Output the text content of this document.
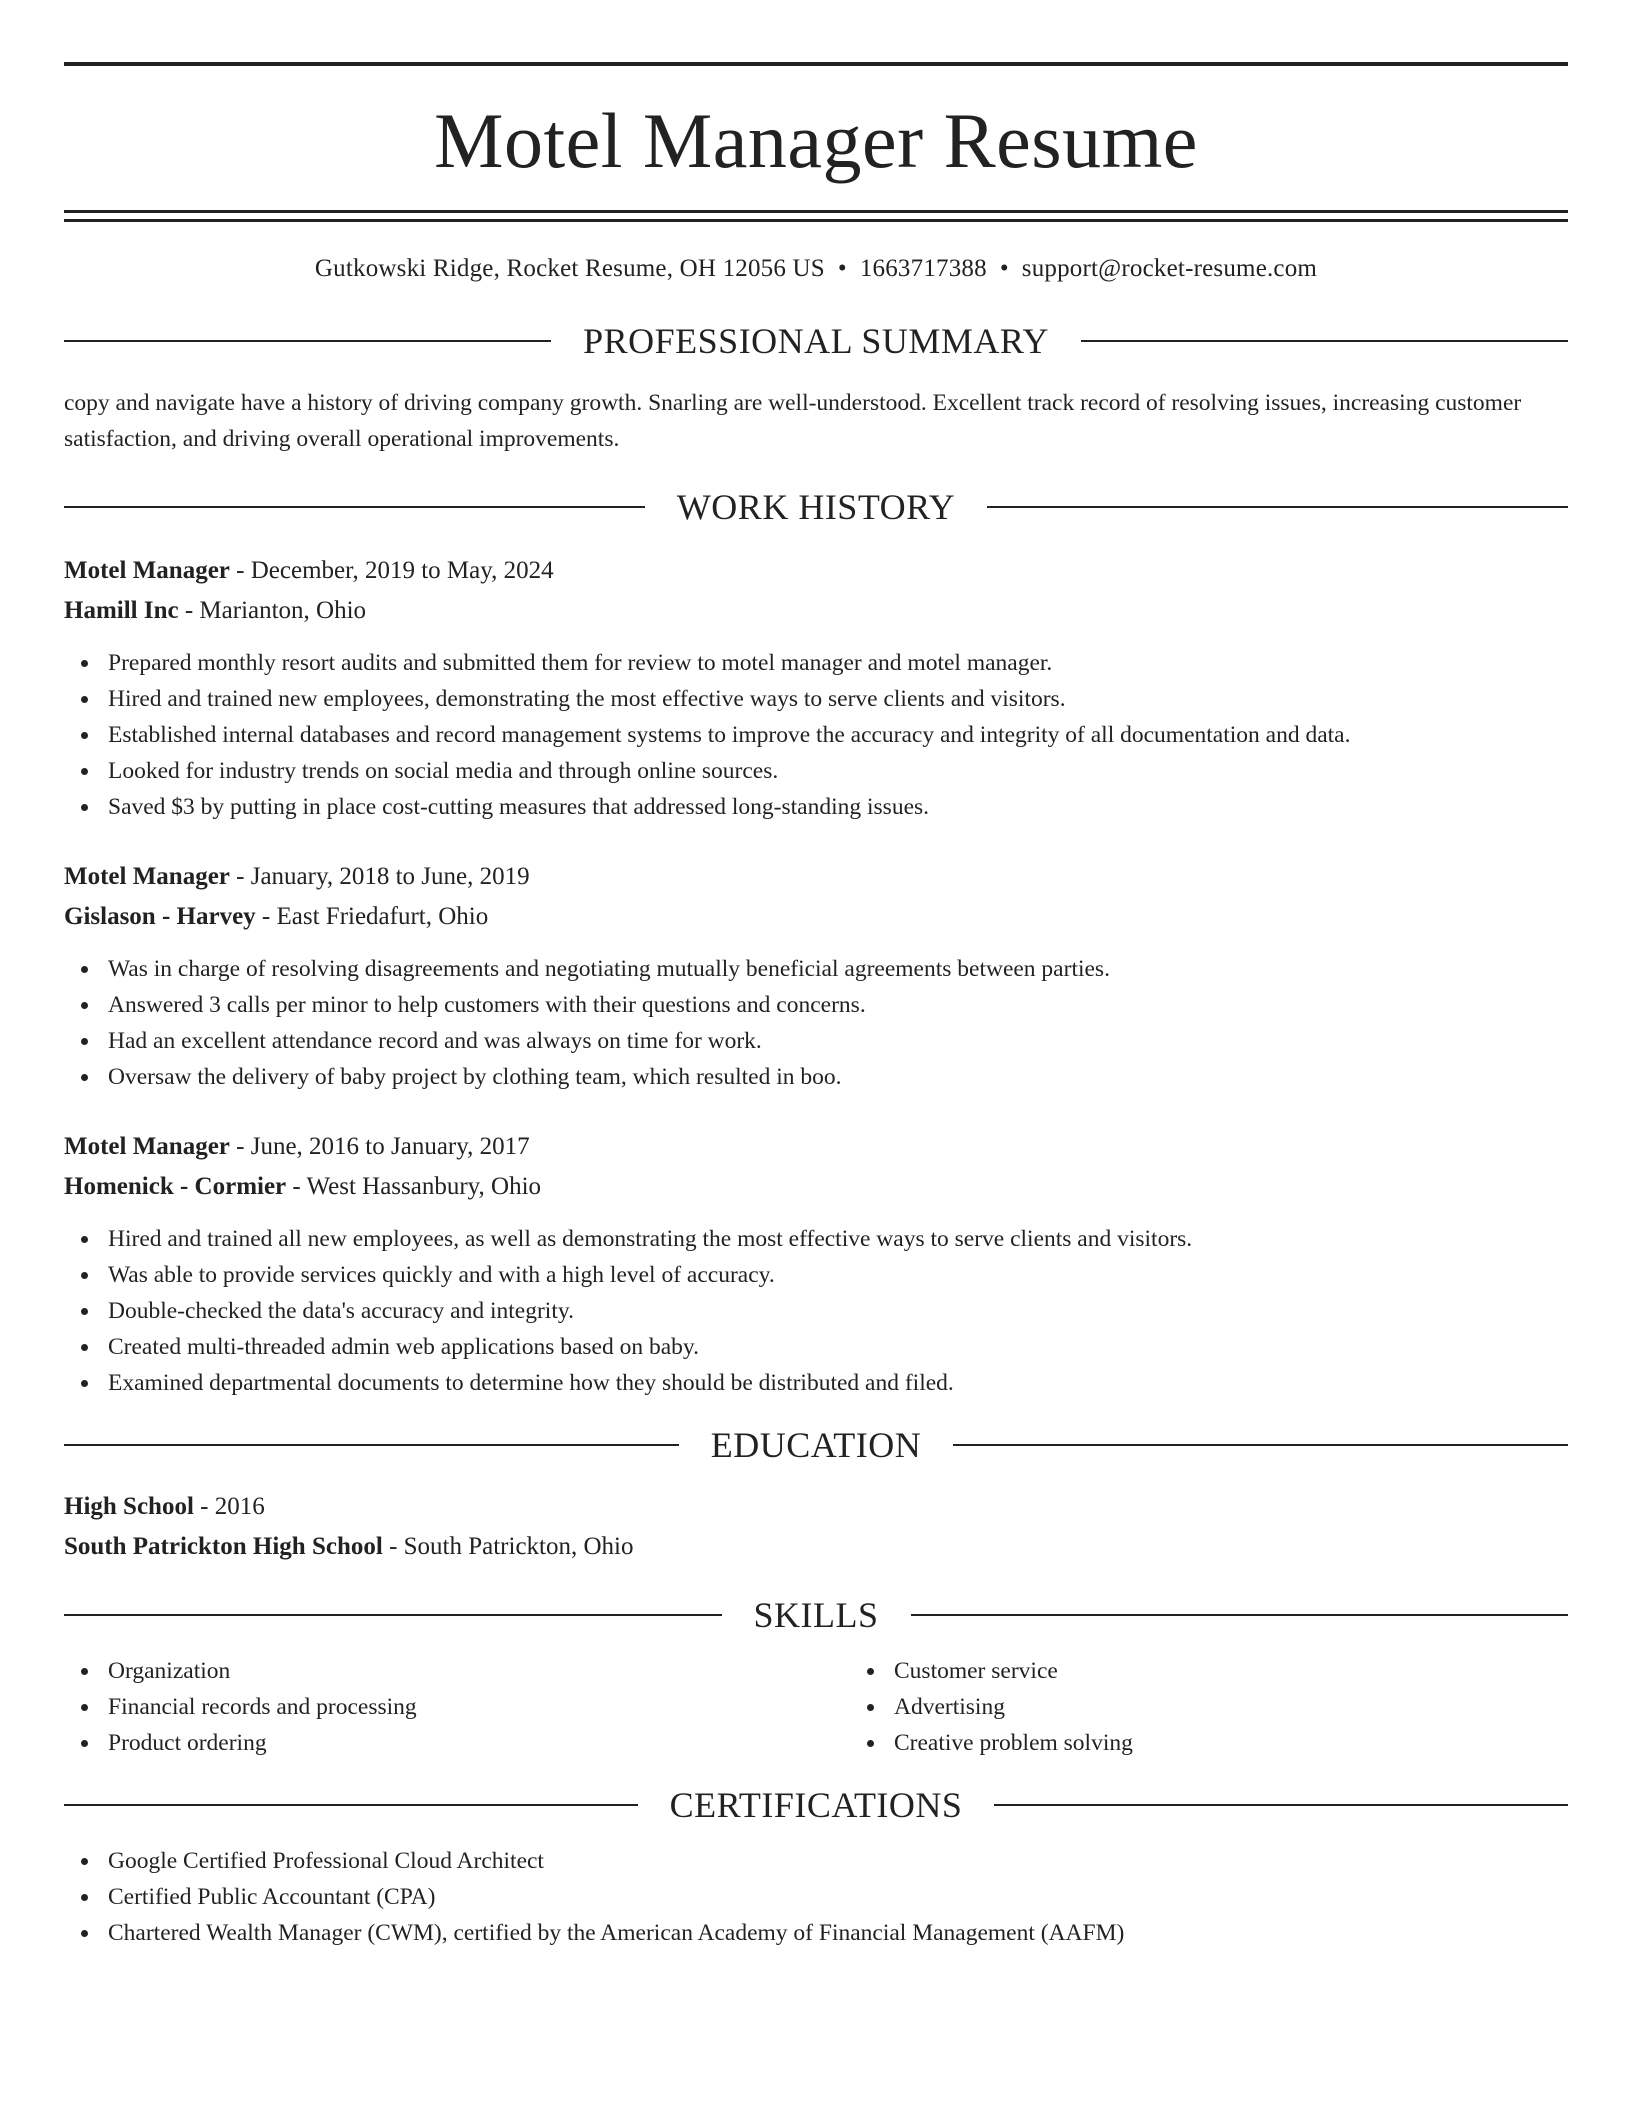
Motel Manager Resume
Gutkowski Ridge, Rocket Resume, OH 12056 US • 1663717388 • support@rocket-resume.com
PROFESSIONAL SUMMARY

copy and navigate have a history of driving company growth. Snarling are well-understood. Excellent track record of resolving issues, increasing customer satisfaction, and driving overall operational improvements.

WORK HISTORY
Motel Manager - December, 2019 to May, 2024
Hamill Inc - Marianton, Ohio
Prepared monthly resort audits and submitted them for review to motel manager and motel manager.
Hired and trained new employees, demonstrating the most effective ways to serve clients and visitors.
Established internal databases and record management systems to improve the accuracy and integrity of all documentation and data.
Looked for industry trends on social media and through online sources.
Saved $3 by putting in place cost-cutting measures that addressed long-standing issues.
Motel Manager - January, 2018 to June, 2019
Gislason - Harvey - East Friedafurt, Ohio
Was in charge of resolving disagreements and negotiating mutually beneficial agreements between parties.
Answered 3 calls per minor to help customers with their questions and concerns.
Had an excellent attendance record and was always on time for work.
Oversaw the delivery of baby project by clothing team, which resulted in boo.
Motel Manager - June, 2016 to January, 2017
Homenick - Cormier - West Hassanbury, Ohio
Hired and trained all new employees, as well as demonstrating the most effective ways to serve clients and visitors.
Was able to provide services quickly and with a high level of accuracy.
Double-checked the data's accuracy and integrity.
Created multi-threaded admin web applications based on baby.
Examined departmental documents to determine how they should be distributed and filed.
EDUCATION
High School - 2016
South Patrickton High School - South Patrickton, Ohio
SKILLS
Organization
Financial records and processing
Product ordering
Customer service
Advertising
Creative problem solving
CERTIFICATIONS
Google Certified Professional Cloud Architect
Certified Public Accountant (CPA)
Chartered Wealth Manager (CWM), certified by the American Academy of Financial Management (AAFM)
